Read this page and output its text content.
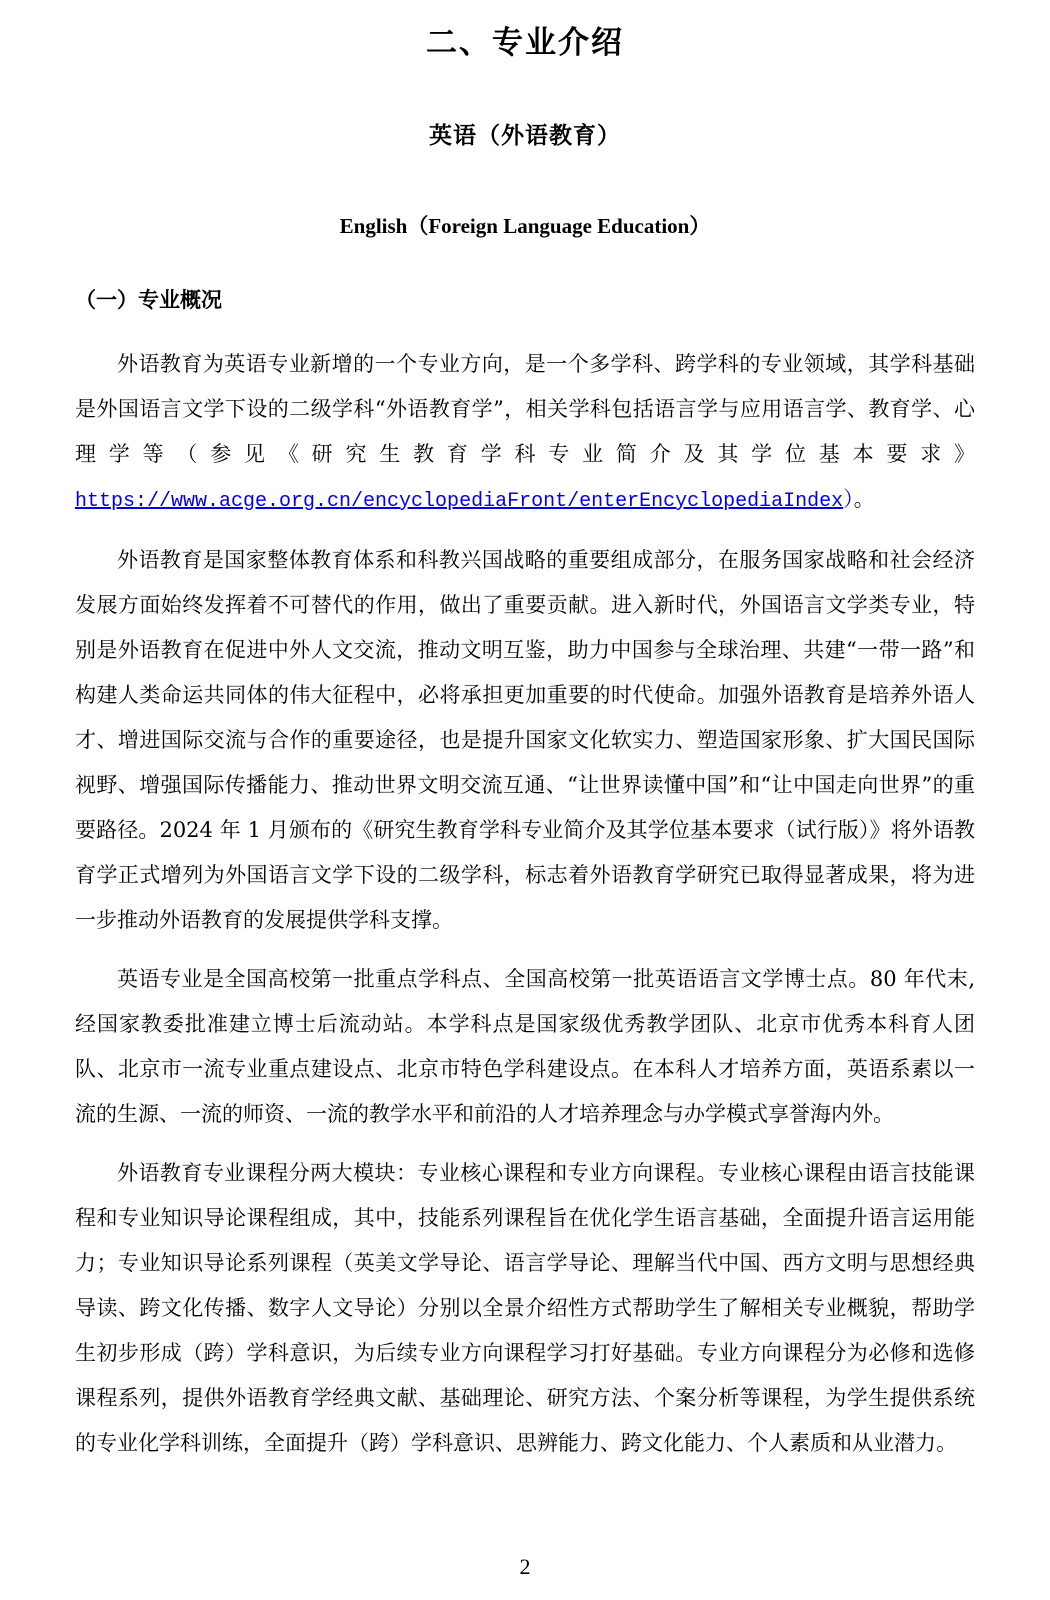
二、专业介绍
英语（外语教育）
English（Foreign Language Education）
（一）专业概况

外语教育为英语专业新增的一个专业方向，是一个多学科、跨学科的专业领域，其学科基础是外国语言文学下设的二级学科“外语教育学”，相关学科包括语言学与应用语言学、教育学、心理学等（参见《研究生教育学科专业简介及其学位基本要求》https://www.acge.org.cn/encyclopediaFront/enterEncyclopediaIndex）。

外语教育是国家整体教育体系和科教兴国战略的重要组成部分，在服务国家战略和社会经济发展方面始终发挥着不可替代的作用，做出了重要贡献。进入新时代，外国语言文学类专业，特别是外语教育在促进中外人文交流，推动文明互鉴，助力中国参与全球治理、共建“一带一路”和构建人类命运共同体的伟大征程中，必将承担更加重要的时代使命。加强外语教育是培养外语人才、增进国际交流与合作的重要途径，也是提升国家文化软实力、塑造国家形象、扩大国民国际视野、增强国际传播能力、推动世界文明交流互通、“让世界读懂中国”和“让中国走向世界”的重要路径。2024 年 1 月颁布的《研究生教育学科专业简介及其学位基本要求（试行版）》将外语教育学正式增列为外国语言文学下设的二级学科，标志着外语教育学研究已取得显著成果，将为进一步推动外语教育的发展提供学科支撑。

英语专业是全国高校第一批重点学科点、全国高校第一批英语语言文学博士点。80 年代末,经国家教委批准建立博士后流动站。本学科点是国家级优秀教学团队、北京市优秀本科育人团队、北京市一流专业重点建设点、北京市特色学科建设点。在本科人才培养方面，英语系素以一流的生源、一流的师资、一流的教学水平和前沿的人才培养理念与办学模式享誉海内外。

外语教育专业课程分两大模块：专业核心课程和专业方向课程。专业核心课程由语言技能课程和专业知识导论课程组成，其中，技能系列课程旨在优化学生语言基础，全面提升语言运用能力；专业知识导论系列课程（英美文学导论、语言学导论、理解当代中国、西方文明与思想经典导读、跨文化传播、数字人文导论）分别以全景介绍性方式帮助学生了解相关专业概貌，帮助学生初步形成（跨）学科意识，为后续专业方向课程学习打好基础。专业方向课程分为必修和选修课程系列，提供外语教育学经典文献、基础理论、研究方法、个案分析等课程，为学生提供系统的专业化学科训练，全面提升（跨）学科意识、思辨能力、跨文化能力、个人素质和从业潜力。

2
